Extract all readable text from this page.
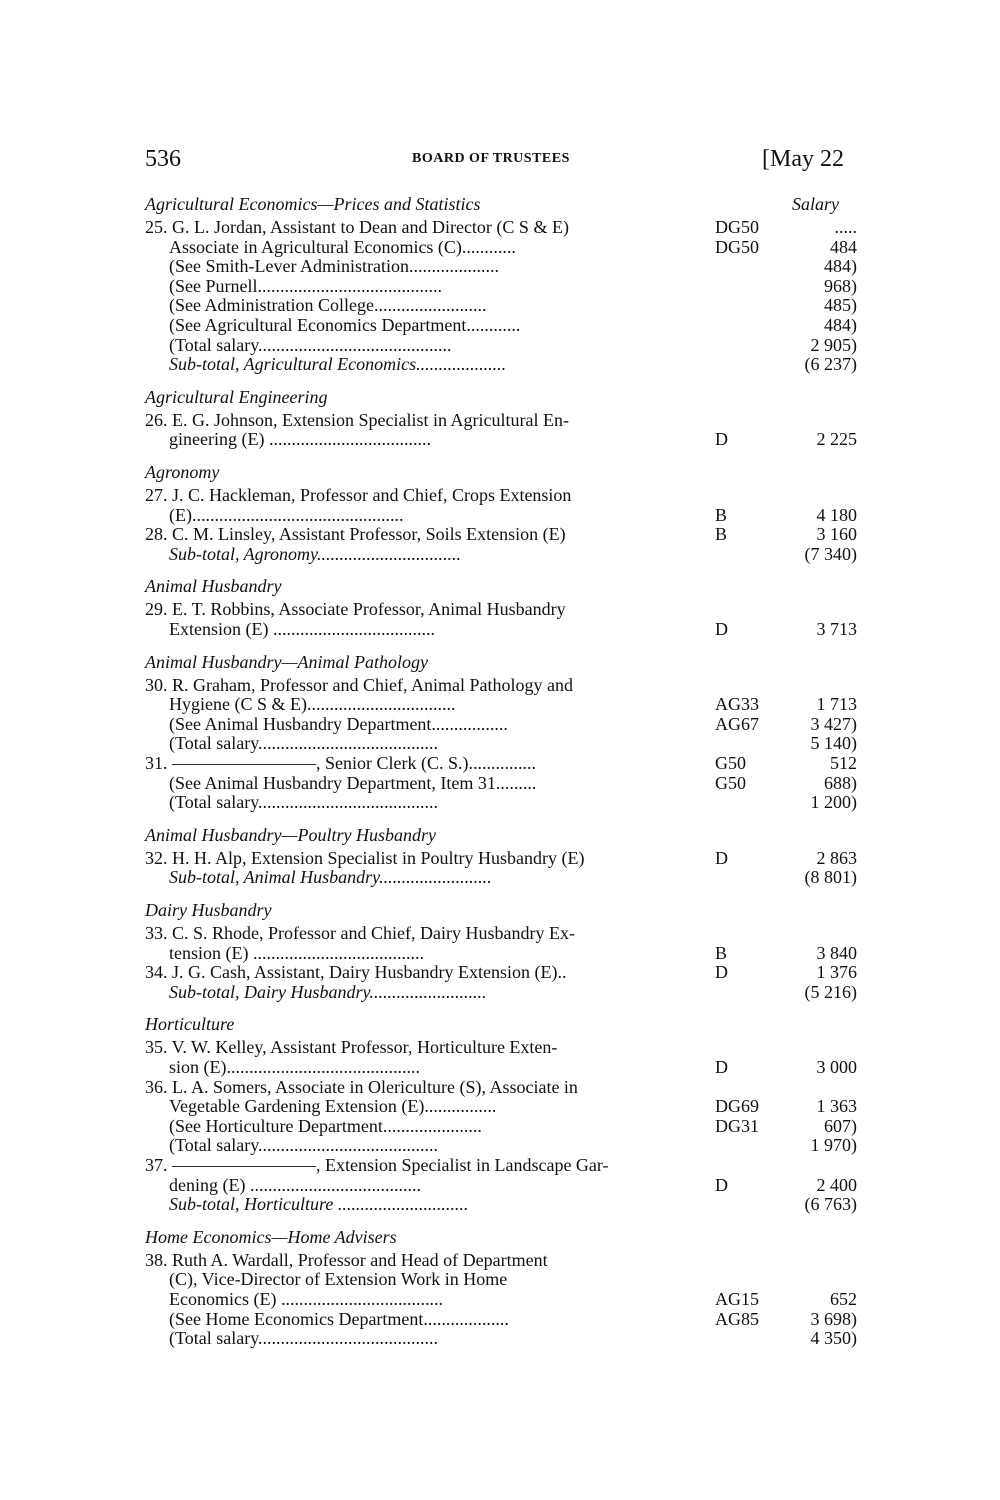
536	BOARD OF TRUSTEES	[May 22
Salary
Agricultural Economics—Prices and Statistics
25. G. L. Jordan, Assistant to Dean and Director (C S & E)	DG50	.....
Associate in Agricultural Economics (C)............	DG50	484
(See Smith-Lever Administration....................	484)
(See Purnell.........................................	968)
(See Administration College.........................	485)
(See Agricultural Economics Department............	484)
(Total salary...........................................	2 905)
Sub-total, Agricultural Economics....................	(6 237)
Agricultural Engineering
26. E. G. Johnson, Extension Specialist in Agricultural En-
gineering (E) ....................................	D	2 225
Agronomy
27. J. C. Hackleman, Professor and Chief, Crops Extension
(E)...............................................	B	4 180
28. C. M. Linsley, Assistant Professor, Soils Extension (E)	B	3 160
Sub-total, Agronomy................................	(7 340)
Animal Husbandry
29. E. T. Robbins, Associate Professor, Animal Husbandry
Extension (E) ....................................	D	3 713
Animal Husbandry—Animal Pathology
30. R. Graham, Professor and Chief, Animal Pathology and
Hygiene (C S & E).................................	AG33	1 713
(See Animal Husbandry Department.................	AG67	3 427)
(Total salary........................................	5 140)
31. ————————, Senior Clerk (C. S.)...............	G50	512
(See Animal Husbandry Department, Item 31.........	G50	688)
(Total salary........................................	1 200)
Animal Husbandry—Poultry Husbandry
32. H. H. Alp, Extension Specialist in Poultry Husbandry (E)	D	2 863
Sub-total, Animal Husbandry.........................	(8 801)
Dairy Husbandry
33. C. S. Rhode, Professor and Chief, Dairy Husbandry Ex-
tension (E) ......................................	B	3 840
34. J. G. Cash, Assistant, Dairy Husbandry Extension (E)..	D	1 376
Sub-total, Dairy Husbandry..........................	(5 216)
Horticulture
35. V. W. Kelley, Assistant Professor, Horticulture Exten-
sion (E)...........................................	D	3 000
36. L. A. Somers, Associate in Olericulture (S), Associate in
Vegetable Gardening Extension (E)................	DG69	1 363
(See Horticulture Department......................	DG31	607)
(Total salary........................................	1 970)
37. ————————, Extension Specialist in Landscape Gar-
dening (E) ......................................	D	2 400
Sub-total, Horticulture .............................	(6 763)
Home Economics—Home Advisers
38. Ruth A. Wardall, Professor and Head of Department
(C), Vice-Director of Extension Work in Home
Economics (E) ....................................	AG15	652
(See Home Economics Department...................	AG85	3 698)
(Total salary........................................	4 350)
